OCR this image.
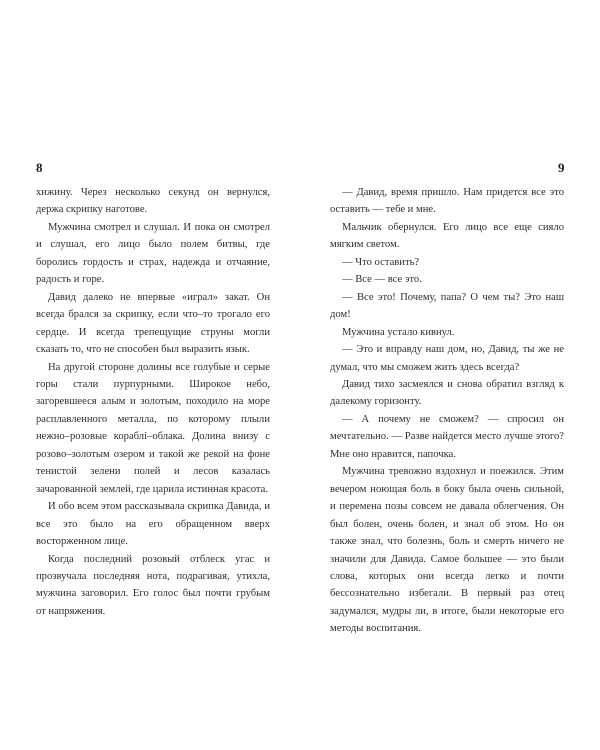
8	9

хижину. Через несколько секунд он вернулся, держа скрипку наготове.

Мужчина смотрел и слушал. И пока он смотрел и слушал, его лицо было полем битвы, где боролись гордость и страх, надежда и отчаяние, радость и горе.

Давид далеко не впервые «играл» закат. Он всегда брался за скрипку, если что–то трогало его сердце. И всегда трепещущие струны могли сказать то, что не способен был выразить язык.

На другой стороне долины все голубые и серые горы стали пурпурными. Широкое небо, загоревшееся алым и золотым, походило на море расплавленного металла, по которому плыли нежно–розовые кораблі–облака. Долина внизу с розово–золотым озером и такой же рекой на фоне тенистой зелени полей и лесов казалась зачарованной землей, где царила истинная красота.

И обо всем этом рассказывала скрипка Давида, и все это было на его обращенном вверх восторженном лице.

Когда последний розовый отблеск угас и прозвучала последняя нота, подрагивая, утихла, мужчина заговорил. Его голос был почти грубым от напряжения.

— Давид, время пришло. Нам придется все это оставить — тебе и мне.

Мальчик обернулся. Его лицо все еще сияло мягким светом.

— Что оставить?

— Все — все это.

— Все это! Почему, папа? О чем ты? Это наш дом!

Мужчина устало кивнул.

— Это и вправду наш дом, но, Давид, ты же не думал, что мы сможем жить здесь всегда?

Давид тихо засмеялся и снова обратил взгляд к далекому горизонту.

— А почему не сможем? — спросил он мечтательно. — Разве найдется место лучше этого? Мне оно нравится, папочка.

Мужчина тревожно вздохнул и поежился. Этим вечером ноющая боль в боку была очень сильной, и перемена позы совсем не давала облегчения. Он был болен, очень болен, и знал об этом. Но он также знал, что болезнь, боль и смерть ничего не значили для Давида. Самое большее — это были слова, которых они всегда легко и почти бессознательно избегали. В первый раз отец задумался, мудры ли, в итоге, были некоторые его методы воспитания.
